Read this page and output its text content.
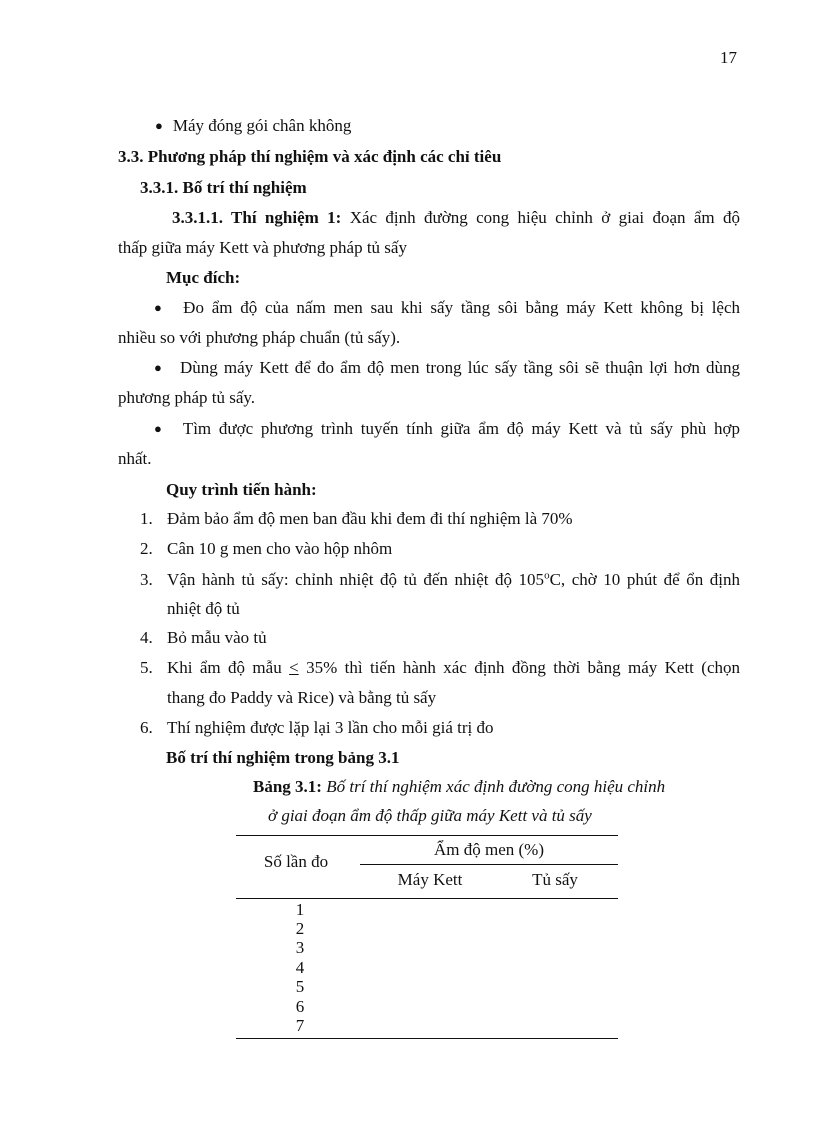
17
● Máy đóng gói chân không
3.3. Phương pháp thí nghiệm và xác định các chỉ tiêu
3.3.1. Bố trí thí nghiệm
3.3.1.1. Thí nghiệm 1: Xác định đường cong hiệu chỉnh ở giai đoạn ẩm độ
thấp giữa máy Kett và phương pháp tủ sấy
Mục đích:
● Đo ẩm độ của nấm men sau khi sấy tầng sôi bằng máy Kett không bị lệch
nhiều so với phương pháp chuẩn (tủ sấy).
● Dùng máy Kett để đo ẩm độ men trong lúc sấy tầng sôi sẽ thuận lợi hơn dùng
phương pháp tủ sấy.
● Tìm được phương trình tuyến tính giữa ẩm độ máy Kett và tủ sấy phù hợp
nhất.
Quy trình tiến hành:
1. Đảm bảo ẩm độ men ban đầu khi đem đi thí nghiệm là 70%
2. Cân 10 g men cho vào hộp nhôm
3. Vận hành tủ sấy: chỉnh nhiệt độ tủ đến nhiệt độ 105$^o$C, chờ 10 phút để ổn định
nhiệt độ tủ
4. Bỏ mẫu vào tủ
5. Khi ẩm độ mẫu ≤ 35% thì tiến hành xác định đồng thời bằng máy Kett (chọn
thang đo Paddy và Rice) và bằng tủ sấy
6. Thí nghiệm được lặp lại 3 lần cho mỗi giá trị đo
Bố trí thí nghiệm trong bảng 3.1
Bảng 3.1: Bố trí thí nghiệm xác định đường cong hiệu chỉnh
ở giai đoạn ẩm độ thấp giữa máy Kett và tủ sấy
Số lần đo
Ẩm độ men (%)
Máy Kett	Tủ sấy
1
2
3
4
5
6
7
